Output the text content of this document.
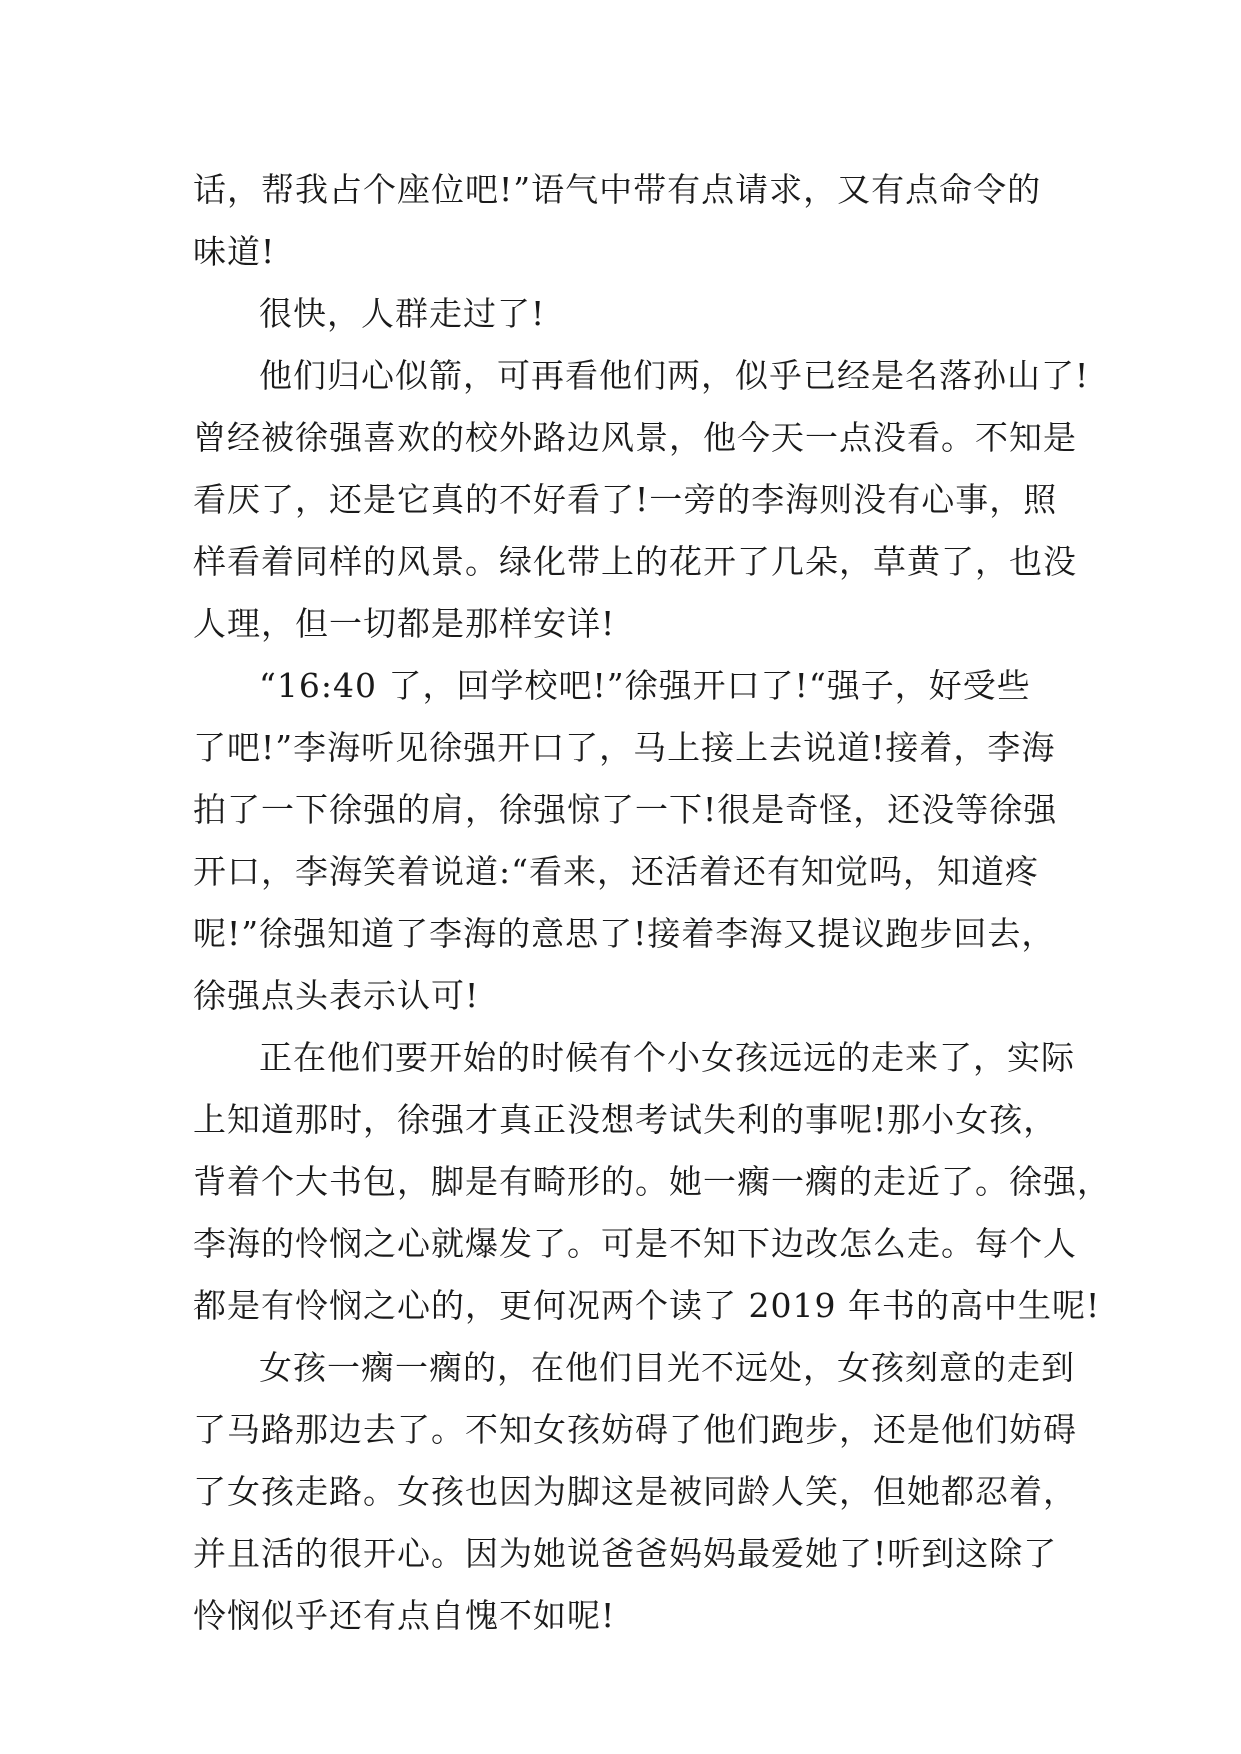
话，帮我占个座位吧!”语气中带有点请求，又有点命令的
味道!
很快，人群走过了!
他们归心似箭，可再看他们两，似乎已经是名落孙山了!
曾经被徐强喜欢的校外路边风景，他今天一点没看。不知是
看厌了，还是它真的不好看了!一旁的李海则没有心事，照
样看着同样的风景。绿化带上的花开了几朵，草黄了，也没
人理，但一切都是那样安详!
“16:40 了，回学校吧!”徐强开口了!“强子，好受些
了吧!”李海听见徐强开口了，马上接上去说道!接着，李海
拍了一下徐强的肩，徐强惊了一下!很是奇怪，还没等徐强
开口，李海笑着说道:“看来，还活着还有知觉吗，知道疼
呢!”徐强知道了李海的意思了!接着李海又提议跑步回去，
徐强点头表示认可!
正在他们要开始的时候有个小女孩远远的走来了，实际
上知道那时，徐强才真正没想考试失利的事呢!那小女孩，
背着个大书包，脚是有畸形的。她一瘸一瘸的走近了。徐强，
李海的怜悯之心就爆发了。可是不知下边改怎么走。每个人
都是有怜悯之心的，更何况两个读了 2019 年书的高中生呢!
女孩一瘸一瘸的，在他们目光不远处，女孩刻意的走到
了马路那边去了。不知女孩妨碍了他们跑步，还是他们妨碍
了女孩走路。女孩也因为脚这是被同龄人笑，但她都忍着，
并且活的很开心。因为她说爸爸妈妈最爱她了!听到这除了
怜悯似乎还有点自愧不如呢!
